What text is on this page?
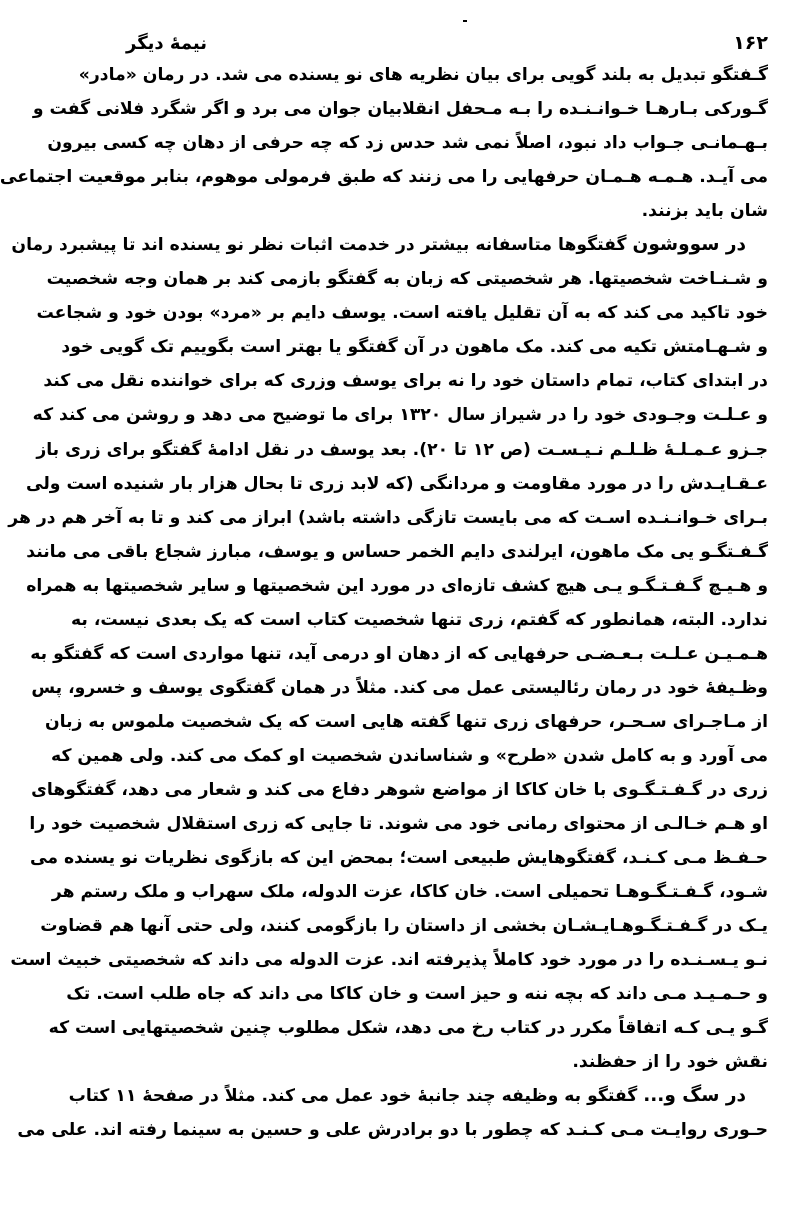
۱۶۲
نیمهٔ دیگر
گـفتگو تبدیل به بلند گویی برای بیان نظریه های نو یسنده می شد. در رمان «مادر»
گـورکی بـارهـا خـوانـنـده را بـه مـحفل انقلابیان جوان می برد و اگر شگرد فلانی گفت و
بـهـمانـی جـواب داد نبود، اصلاً نمی شد حدس زد که چه حرفی از دهان چه کسی بیرون
می آیـد. هـمـه هـمـان حرفهایی را می زنند که طبق فرمولی موهوم، بنابر موقعیت اجتماعی
شان باید بزنند.
در سووشون گفتگوها متاسفانه بیشتر در خدمت اثبات نظر نو یسنده اند تا پیشبرد رمان
و شـنـاخت شخصیتها. هر شخصیتی که زبان به گفتگو بازمی کند بر همان وجه شخصیت
خود تاکید می کند که به آن تقلیل یافته است. یوسف دایم بر «مرد» بودن خود و شجاعت
و شـهـامتش تکیه می کند. مک ماهون در آن گفتگو یا بهتر است بگوییم تک گویی خود
در ابتدای کتاب، تمام داستان خود را نه برای یوسف وزری که برای خواننده نقل می کند
و عـلـت وجـودی خود را در شیراز سال ۱۳۲۰ برای ما توضیح می دهد و روشن می کند که
جـزو عـمـلـهٔ ظـلـم نـیـسـت (ص ۱۲ تا ۲۰). بعد یوسف در نقل ادامهٔ گفتگو برای زری باز
عـقـایـدش را در مورد مقاومت و مردانگی (که لابد زری تا بحال هزار بار شنیده است ولی
بـرای خـوانـنـده اسـت که می بایست تازگی داشته باشد) ابراز می کند و تا به آخر هم در هر
گـفـتگـو یی مک ماهون، ایرلندی دایم الخمر حساس و یوسف، مبارز شجاع باقی می مانند
و هـیـچ گـفـتـگـو یـی هیچ کشف تازه‌ای در مورد این شخصیتها و سایر شخصیتها به همراه
ندارد. البته، همانطور که گفتم، زری تنها شخصیت کتاب است که یک بعدی نیست، به
هـمـیـن عـلـت بـعـضـی حرفهایی که از دهان او درمی آید، تنها مواردی است که گفتگو به
وظـیفهٔ خود در رمان رئالیستی عمل می کند. مثلاً در همان گفتگوی یوسف و خسرو، پس
از مـاجـرای سـحـر، حرفهای زری تنها گفته هایی است که یک شخصیت ملموس به زبان
می آورد و به کامل شدن «طرح» و شناساندن شخصیت او کمک می کند. ولی همین که
زری در گـفـتـگـوی با خان کاکا از مواضع شوهر دفاع می کند و شعار می دهد، گفتگوهای
او هـم خـالـی از محتوای رمانی خود می شوند. تا جایی که زری استقلال شخصیت خود را
حـفـظ مـی کـنـد، گفتگوهایش طبیعی است؛ بمحض این که بازگوی نظریات نو یسنده می
شـود، گـفـتـگـوهـا تحمیلی است. خان کاکا، عزت الدوله، ملک سهراب و ملک رستم هر
یـک در گـفـتـگـوهـایـشـان بخشی از داستان را بازگومی کنند، ولی حتی آنها هم قضاوت
نـو یـسـنـده را در مورد خود کاملاً پذیرفته اند. عزت الدوله می داند که شخصیتی خبیث است
و حـمـیـد مـی داند که بچه ننه و حیز است و خان کاکا می داند که جاه طلب است. تک
گـو یـی کـه اتفاقاً مکرر در کتاب رخ می دهد، شکل مطلوب چنین شخصیتهایی است که
نقش خود را از حفظند.
در سگ و... گفتگو به وظیفه چند جانبهٔ خود عمل می کند. مثلاً در صفحهٔ ۱۱ کتاب
حـوری روایـت مـی کـنـد که چطور با دو برادرش علی و حسین به سینما رفته اند. علی می
